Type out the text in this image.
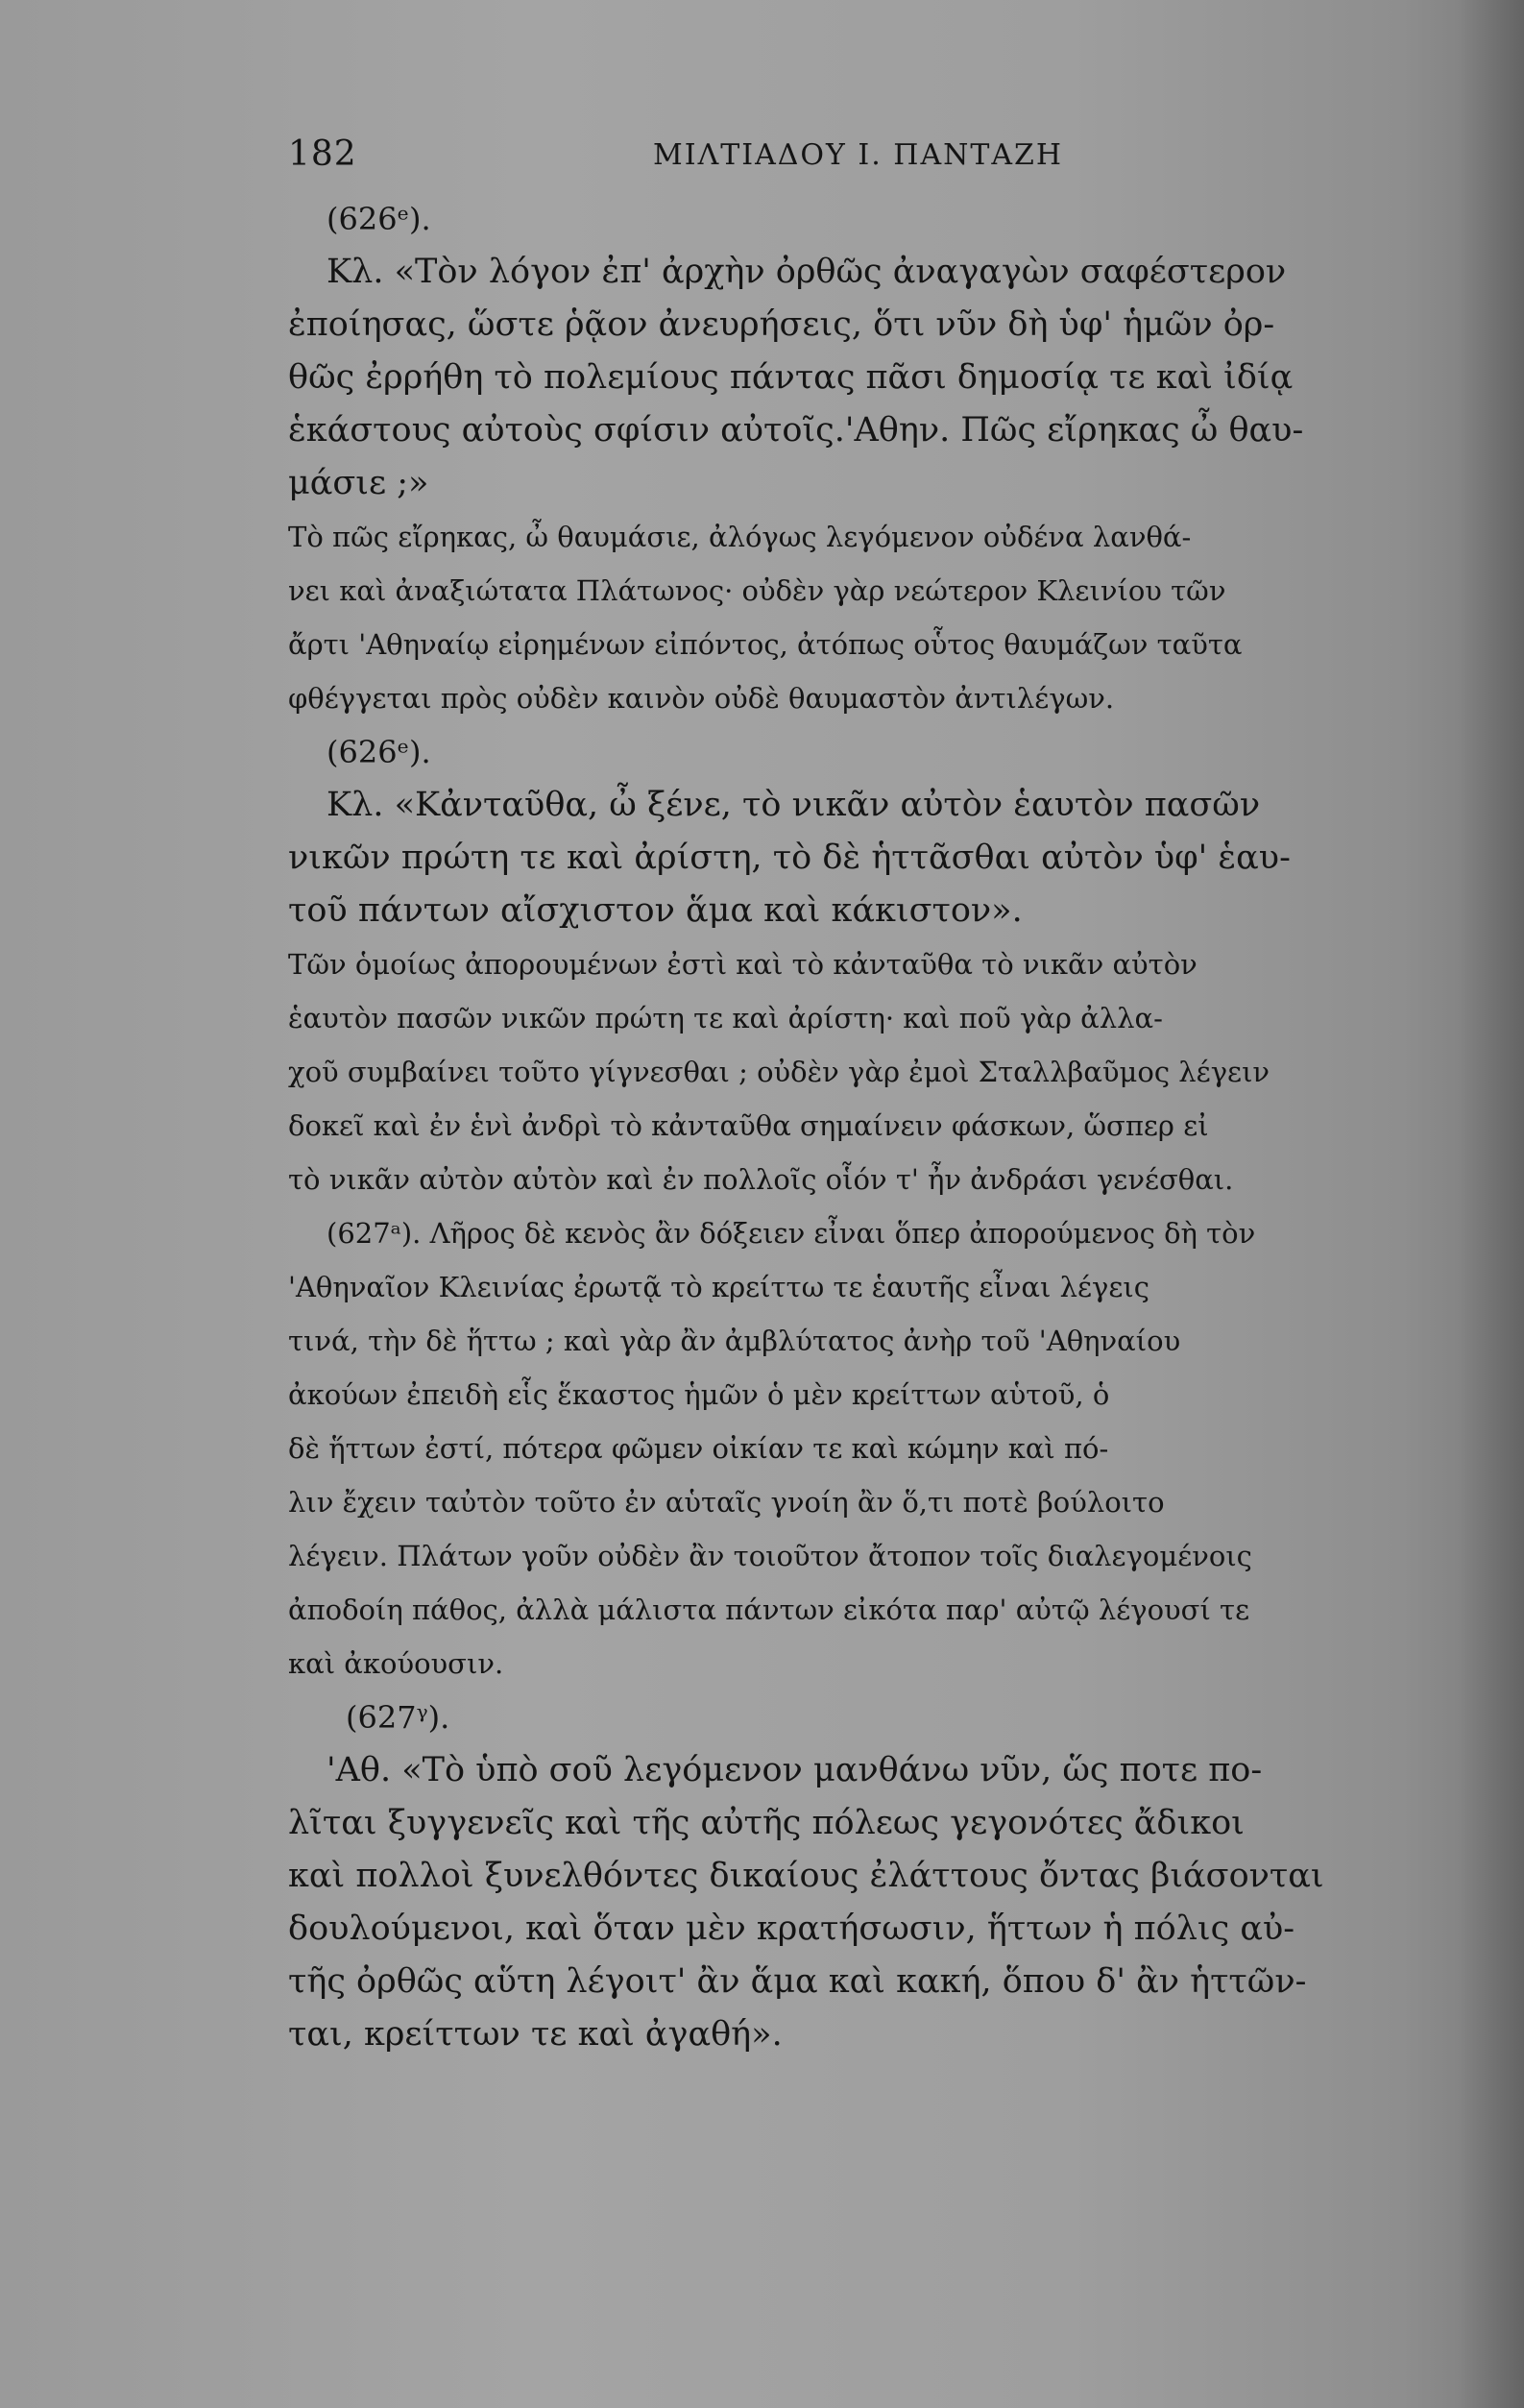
182	ΜΙΛΤΙΑΔΟΥ Ι. ΠΑΝΤΑΖΗ
(626ᵉ).
Κλ. «Τὸν λόγον ἐπ' ἀρχὴν ὀρθῶς ἀναγαγὼν σαφέστερον
ἐποίησας, ὥστε ῥᾷον ἀνευρήσεις, ὅτι νῦν δὴ ὑφ' ἡμῶν ὀρ-
θῶς ἐρρήθη τὸ πολεμίους πάντας πᾶσι δημοσίᾳ τε καὶ ἰδίᾳ
ἑκάστους αὐτοὺς σφίσιν αὐτοῖς.'Αθην. Πῶς εἴρηκας ὦ θαυ-
μάσιε ;»
Τὸ πῶς εἴρηκας, ὦ θαυμάσιε, ἀλόγως λεγόμενον οὐδένα λανθά-
νει καὶ ἀναξιώτατα Πλάτωνος· οὐδὲν γὰρ νεώτερον Κλεινίου τῶν
ἄρτι 'Αθηναίῳ εἰρημένων εἰπόντος, ἀτόπως οὗτος θαυμάζων ταῦτα
φθέγγεται πρὸς οὐδὲν καινὸν οὐδὲ θαυμαστὸν ἀντιλέγων.
(626ᵉ).
Κλ. «Κἀνταῦθα, ὦ ξένε, τὸ νικᾶν αὐτὸν ἑαυτὸν πασῶν
νικῶν πρώτη τε καὶ ἀρίστη, τὸ δὲ ἡττᾶσθαι αὐτὸν ὑφ' ἑαυ-
τοῦ πάντων αἴσχιστον ἅμα καὶ κάκιστον».
Τῶν ὁμοίως ἀπορουμένων ἐστὶ καὶ τὸ κἀνταῦθα τὸ νικᾶν αὐτὸν
ἑαυτὸν πασῶν νικῶν πρώτη τε καὶ ἀρίστη· καὶ ποῦ γὰρ ἀλλα-
χοῦ συμβαίνει τοῦτο γίγνεσθαι ; οὐδὲν γὰρ ἐμοὶ Σταλλβαῦμος λέγειν
δοκεῖ καὶ ἐν ἑνὶ ἀνδρὶ τὸ κἀνταῦθα σημαίνειν φάσκων, ὥσπερ εἰ
τὸ νικᾶν αὐτὸν αὐτὸν καὶ ἐν πολλοῖς οἷόν τ' ἦν ἀνδράσι γενέσθαι.
(627ᵃ). Λῆρος δὲ κενὸς ἂν δόξειεν εἶναι ὅπερ ἀπορούμενος δὴ τὸν
'Αθηναῖον Κλεινίας ἐρωτᾷ τὸ κρείττω τε ἑαυτῆς εἶναι λέγεις
τινά, τὴν δὲ ἥττω ; καὶ γὰρ ἂν ἀμβλύτατος ἀνὴρ τοῦ 'Αθηναίου
ἀκούων ἐπειδὴ εἷς ἕκαστος ἡμῶν ὁ μὲν κρείττων αὑτοῦ, ὁ
δὲ ἥττων ἐστί, πότερα φῶμεν οἰκίαν τε καὶ κώμην καὶ πό-
λιν ἔχειν ταὐτὸν τοῦτο ἐν αὑταῖς γνοίη ἂν ὅ,τι ποτὲ βούλοιτο
λέγειν. Πλάτων γοῦν οὐδὲν ἂν τοιοῦτον ἄτοπον τοῖς διαλεγομένοις
ἀποδοίη πάθος, ἀλλὰ μάλιστα πάντων εἰκότα παρ' αὐτῷ λέγουσί τε
καὶ ἀκούουσιν.
(627ᵞ).
'Αθ. «Τὸ ὑπὸ σοῦ λεγόμενον μανθάνω νῦν, ὥς ποτε πο-
λῖται ξυγγενεῖς καὶ τῆς αὐτῆς πόλεως γεγονότες ἄδικοι
καὶ πολλοὶ ξυνελθόντες δικαίους ἐλάττους ὄντας βιάσονται
δουλούμενοι, καὶ ὅταν μὲν κρατήσωσιν, ἥττων ἡ πόλις αὐ-
τῆς ὀρθῶς αὕτη λέγοιτ' ἂν ἅμα καὶ κακή, ὅπου δ' ἂν ἡττῶν-
ται, κρείττων τε καὶ ἀγαθή».
